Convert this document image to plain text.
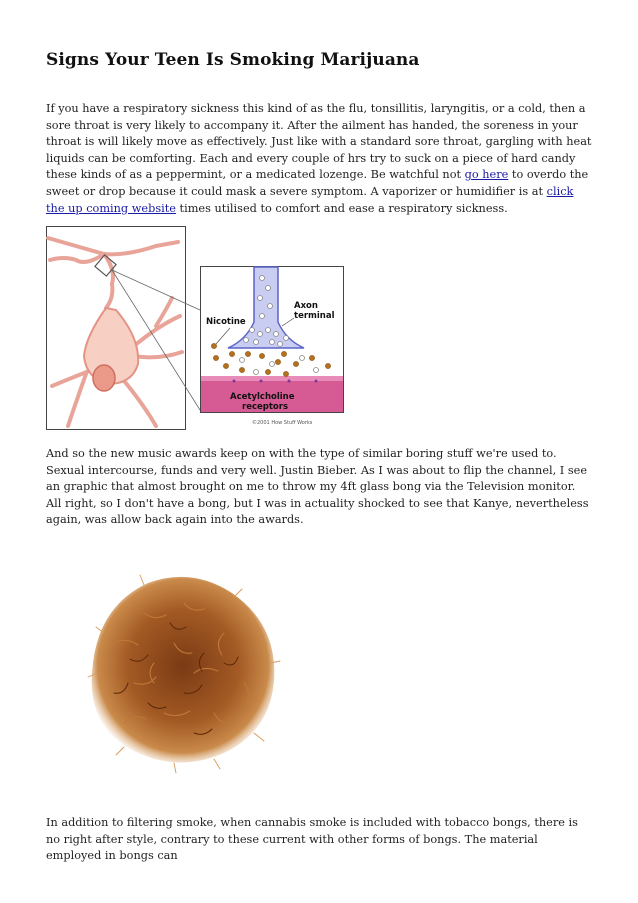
Signs Your Teen Is Smoking Marijuana

If you have a respiratory sickness this kind of as the flu, tonsillitis, laryngitis, or a cold, then a sore throat is very likely to accompany it. After the ailment has handed, the soreness in your throat is will likely move as effectively. Just like with a standard sore throat, gargling with heat liquids can be comforting. Each and every couple of hrs try to suck on a piece of hard candy these kinds of as a peppermint, or a medicated lozenge. Be watchful not go here to overdo the sweet or drop because it could mask a severe symptom. A vaporizer or humidifier is at click the up coming website times utilised to comfort and ease a respiratory sickness.

Nicotine
Axon
terminal
Acetylcholine
receptors
©2001 How Stuff Works

And so the new music awards keep on with the type of similar boring stuff we're used to. Sexual intercourse, funds and very well. Justin Bieber. As I was about to flip the channel, I see an graphic that almost brought on me to throw my 4ft glass bong via the Television monitor. All right, so I don't have a bong, but I was in actuality shocked to see that Kanye, nevertheless again, was allow back again into the awards.

In addition to filtering smoke, when cannabis smoke is included with tobacco bongs, there is no right after style, contrary to these current with other forms of bongs. The material employed in bongs can
